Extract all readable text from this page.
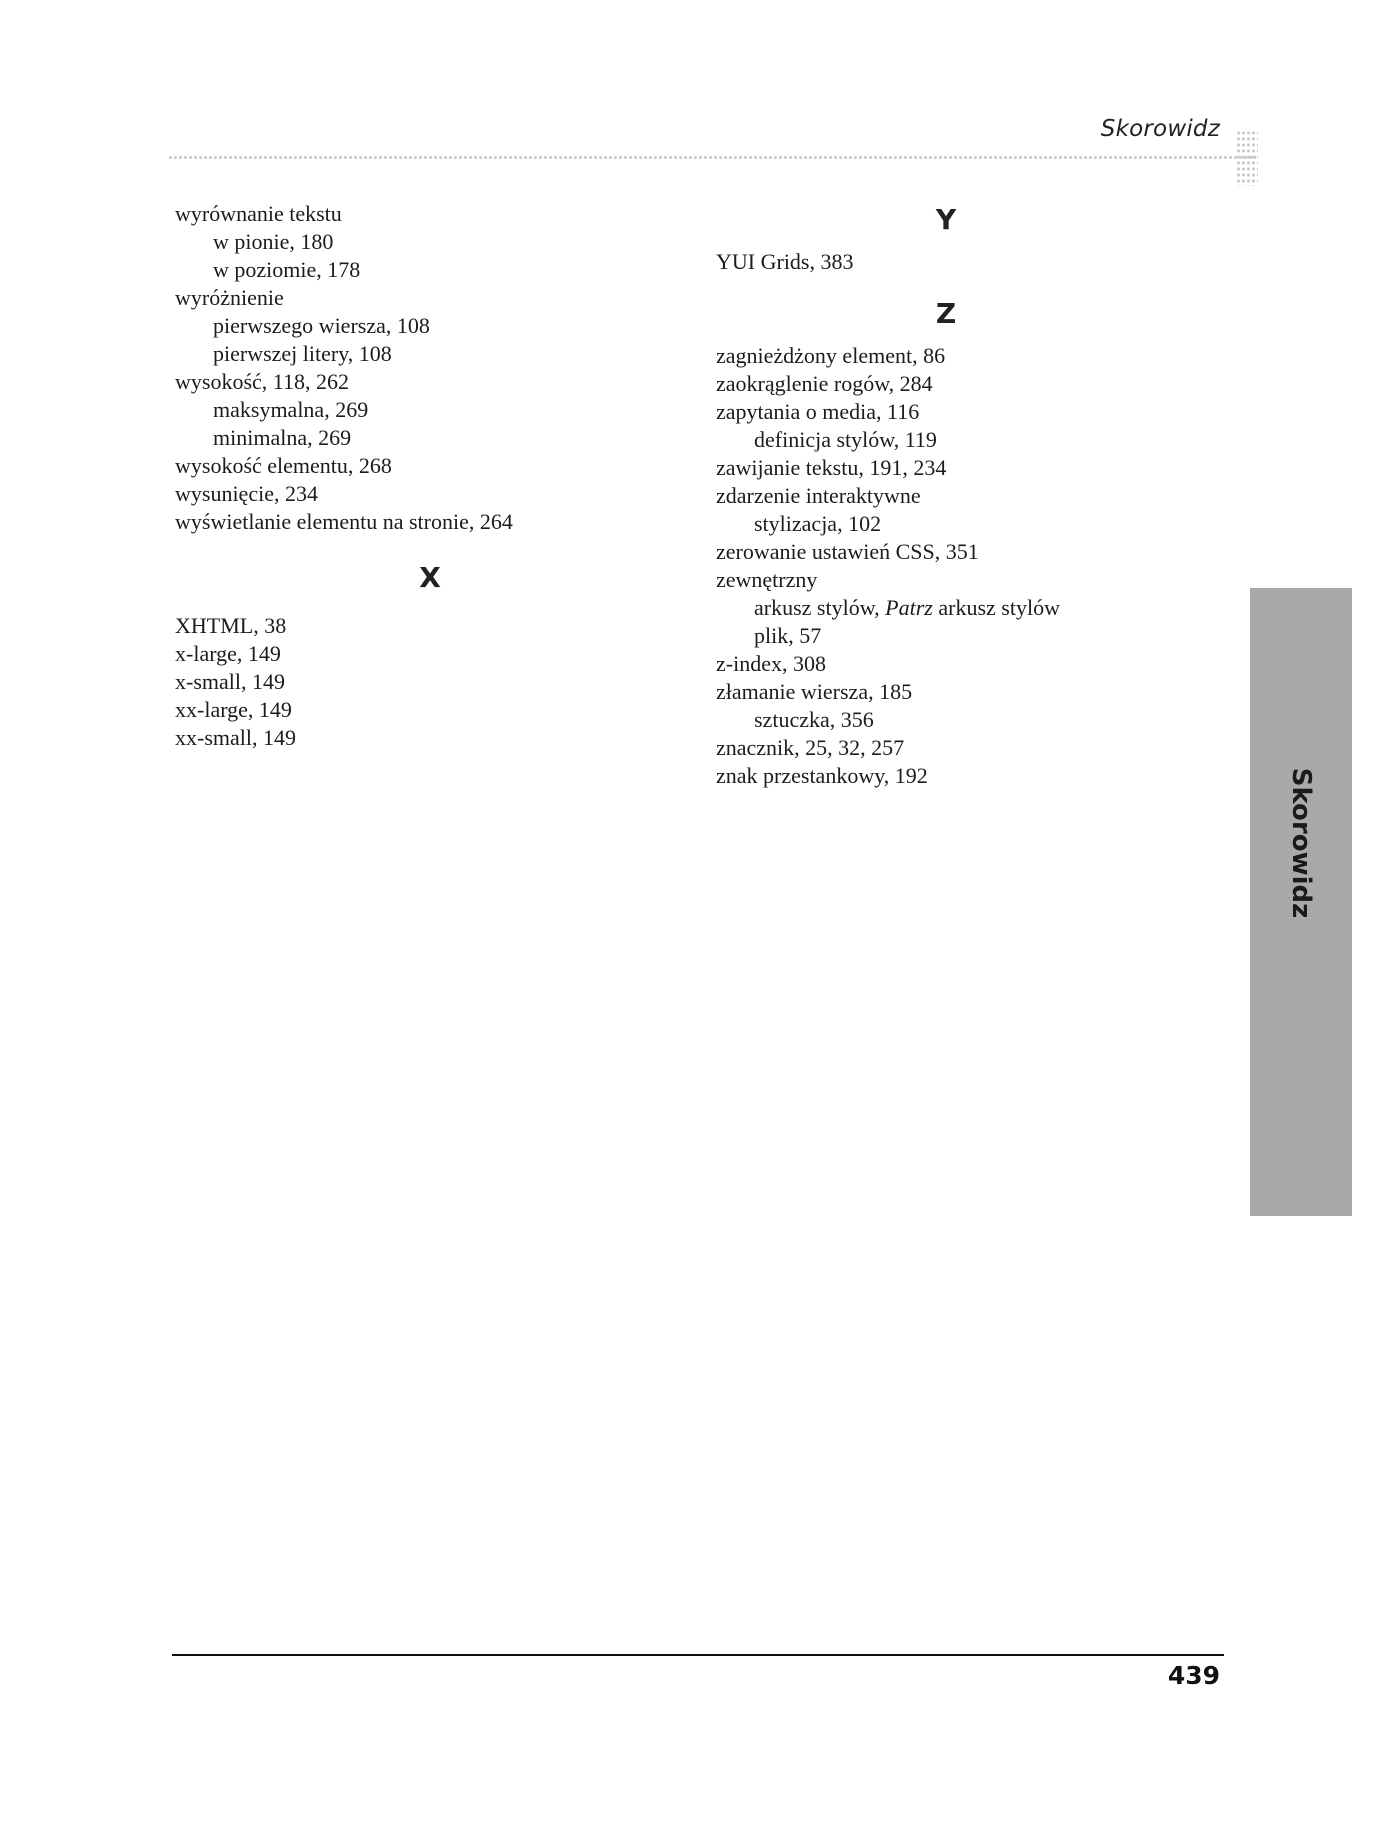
Skorowidz
wyrównanie tekstu
w pionie, 180
w poziomie, 178
wyróżnienie
pierwszego wiersza, 108
pierwszej litery, 108
wysokość, 118, 262
maksymalna, 269
minimalna, 269
wysokość elementu, 268
wysunięcie, 234
wyświetlanie elementu na stronie, 264
X
XHTML, 38
x-large, 149
x-small, 149
xx-large, 149
xx-small, 149
Y
YUI Grids, 383
Z
zagnieżdżony element, 86
zaokrąglenie rogów, 284
zapytania o media, 116
definicja stylów, 119
zawijanie tekstu, 191, 234
zdarzenie interaktywne
stylizacja, 102
zerowanie ustawień CSS, 351
zewnętrzny
arkusz stylów, Patrz arkusz stylów
plik, 57
z-index, 308
złamanie wiersza, 185
sztuczka, 356
znacznik, 25, 32, 257
znak przestankowy, 192	Skorowidz
439
